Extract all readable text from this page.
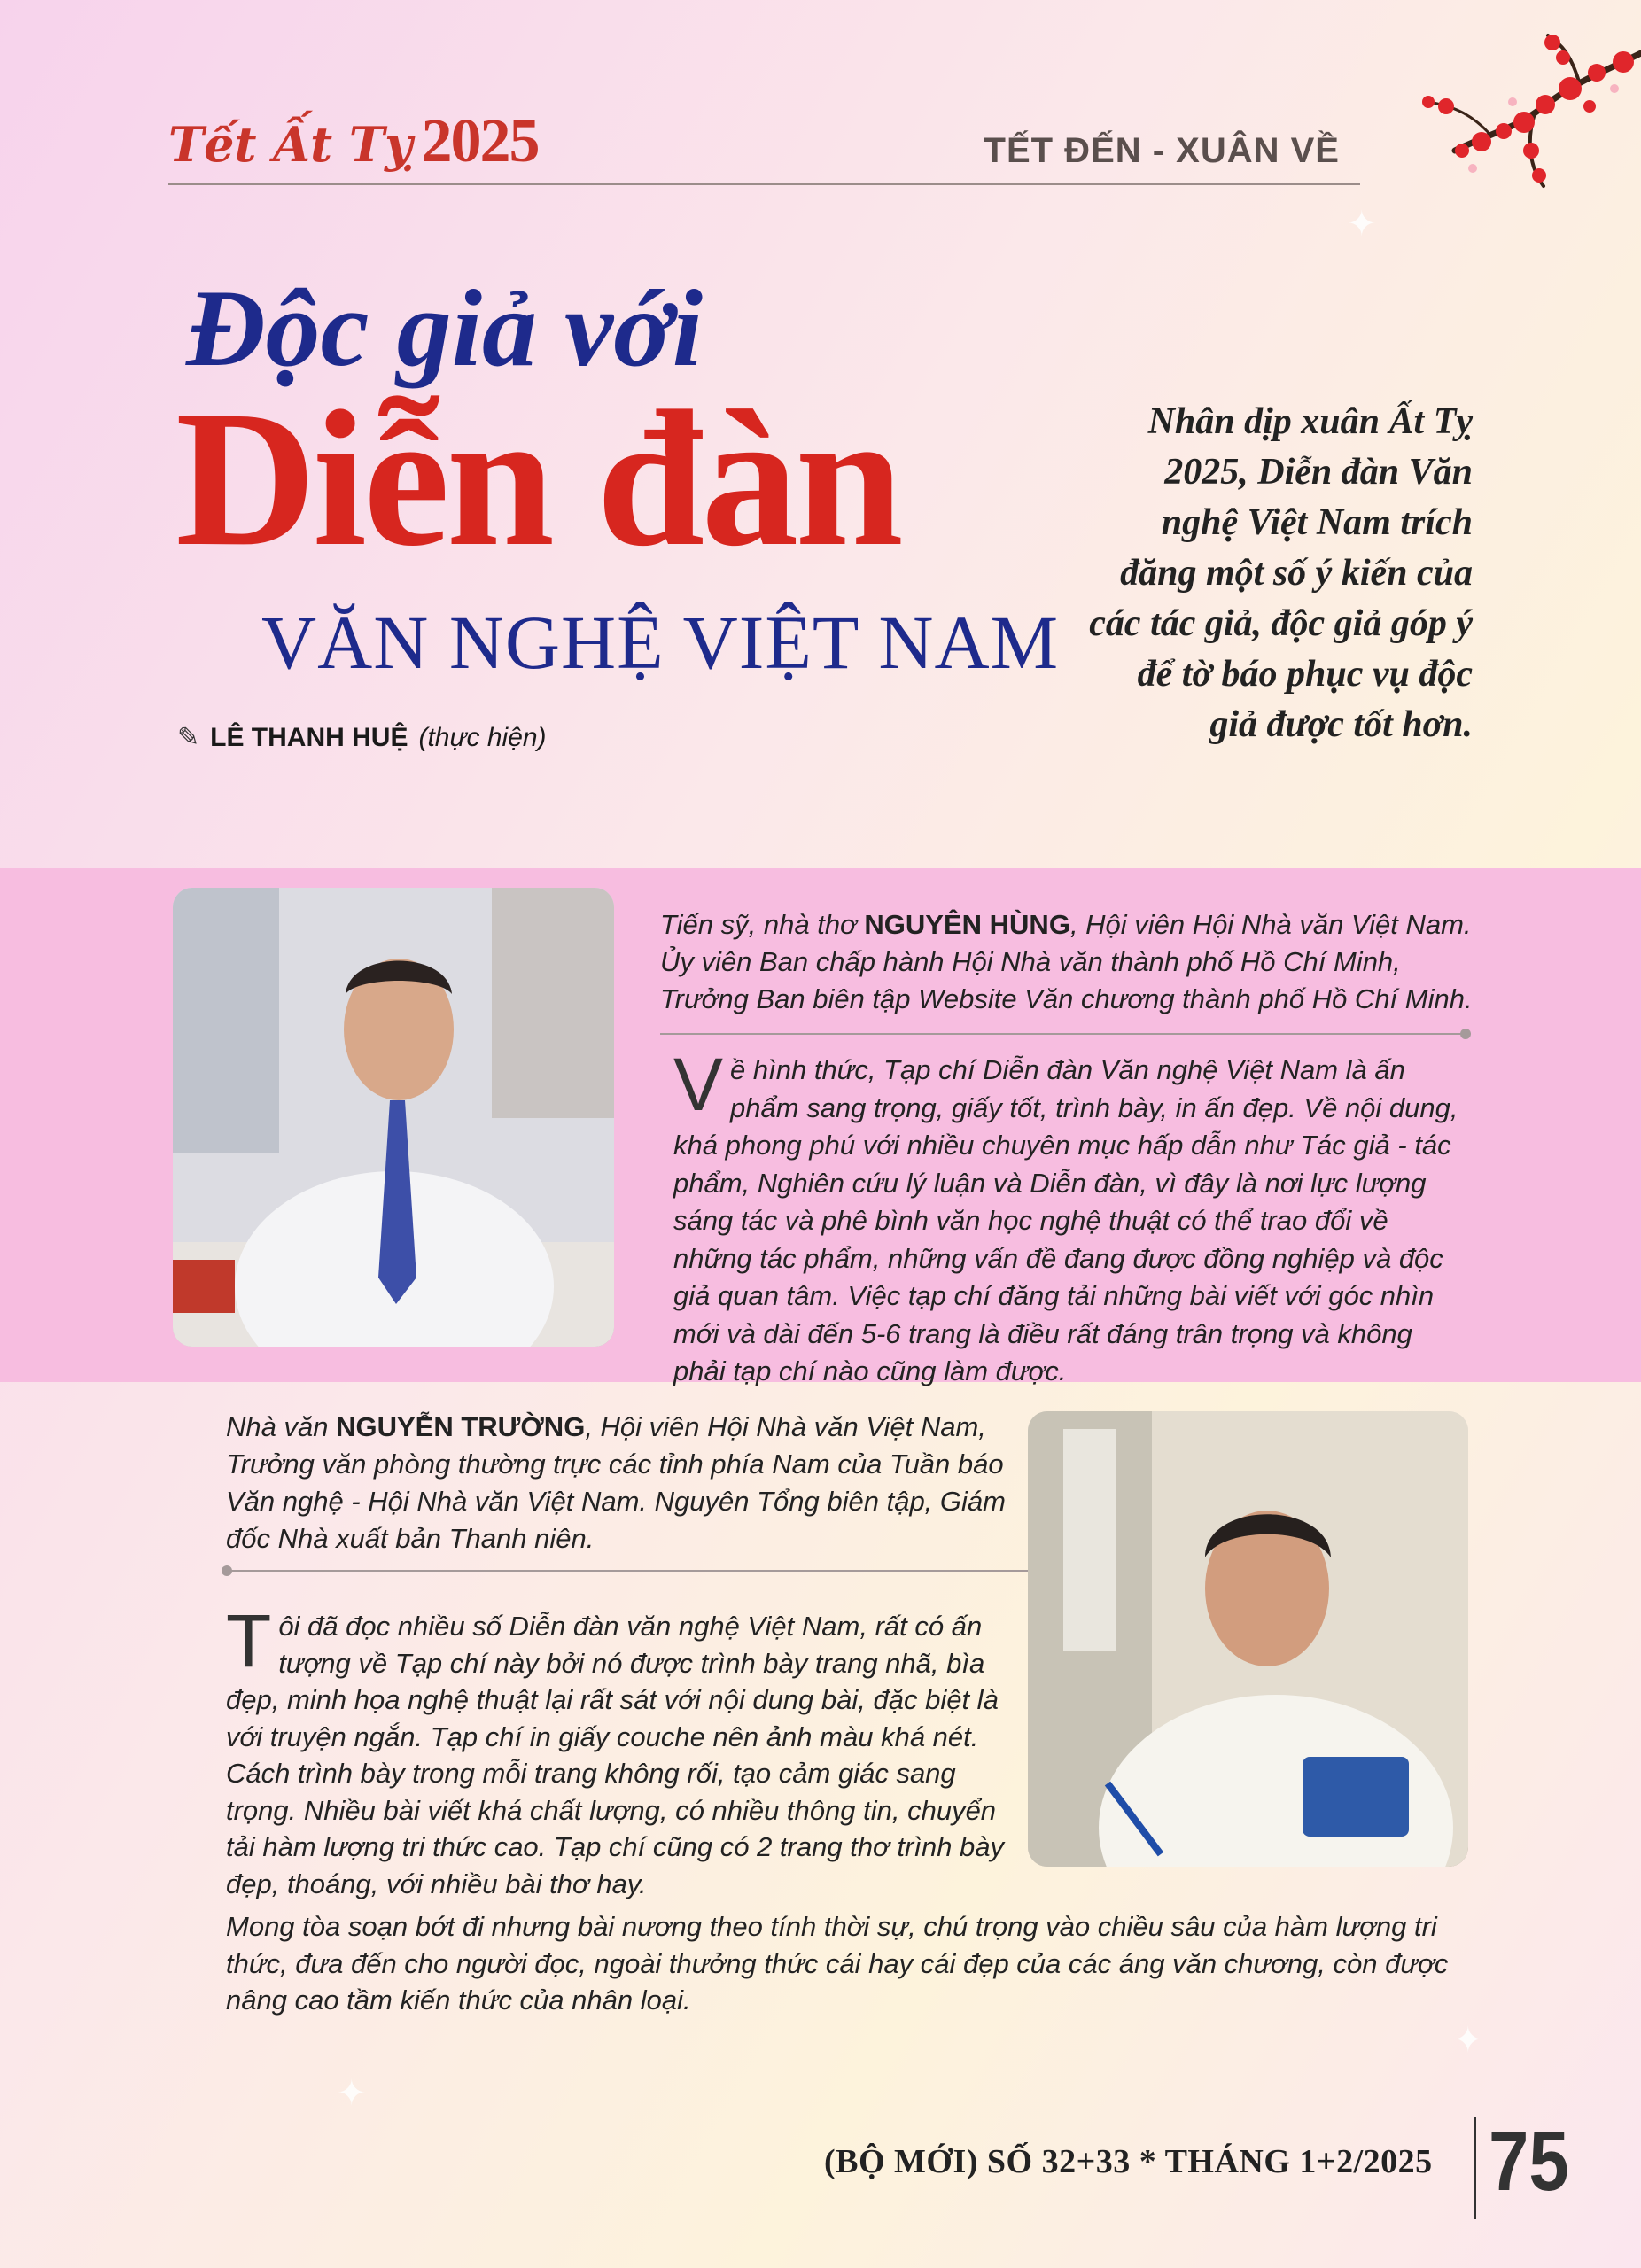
Tết Ất Tỵ 2025	TẾT ĐẾN - XUÂN VỀ
Độc giả với
Diễn đàn
VĂN NGHỆ VIỆT NAM
✎ LÊ THANH HUỆ (thực hiện)
Nhân dịp xuân Ất Tỵ 2025, Diễn đàn Văn nghệ Việt Nam trích đăng một số ý kiến của các tác giả, độc giả góp ý để tờ báo phục vụ độc giả được tốt hơn.
Tiến sỹ, nhà thơ NGUYÊN HÙNG, Hội viên Hội Nhà văn Việt Nam. Ủy viên Ban chấp hành Hội Nhà văn thành phố Hồ Chí Minh, Trưởng Ban biên tập Website Văn chương thành phố Hồ Chí Minh.
Về hình thức, Tạp chí Diễn đàn Văn nghệ Việt Nam là ấn phẩm sang trọng, giấy tốt, trình bày, in ấn đẹp. Về nội dung, khá phong phú với nhiều chuyên mục hấp dẫn như Tác giả - tác phẩm, Nghiên cứu lý luận và Diễn đàn, vì đây là nơi lực lượng sáng tác và phê bình văn học nghệ thuật có thể trao đổi về những tác phẩm, những vấn đề đang được đồng nghiệp và độc giả quan tâm. Việc tạp chí đăng tải những bài viết với góc nhìn mới và dài đến 5-6 trang là điều rất đáng trân trọng và không phải tạp chí nào cũng làm được.
Nhà văn NGUYỄN TRƯỜNG, Hội viên Hội Nhà văn Việt Nam, Trưởng văn phòng thường trực các tỉnh phía Nam của Tuần báo Văn nghệ - Hội Nhà văn Việt Nam. Nguyên Tổng biên tập, Giám đốc Nhà xuất bản Thanh niên.
Tôi đã đọc nhiều số Diễn đàn văn nghệ Việt Nam, rất có ấn tượng về Tạp chí này bởi nó được trình bày trang nhã, bìa đẹp, minh họa nghệ thuật lại rất sát với nội dung bài, đặc biệt là với truyện ngắn. Tạp chí in giấy couche nên ảnh màu khá nét. Cách trình bày trong mỗi trang không rối, tạo cảm giác sang trọng. Nhiều bài viết khá chất lượng, có nhiều thông tin, chuyển tải hàm lượng tri thức cao. Tạp chí cũng có 2 trang thơ trình bày đẹp, thoáng, với nhiều bài thơ hay.
Mong tòa soạn bớt đi nhưng bài nương theo tính thời sự, chú trọng vào chiều sâu của hàm lượng tri thức, đưa đến cho người đọc, ngoài thưởng thức cái hay cái đẹp của các áng văn chương, còn được nâng cao tầm kiến thức của nhân loại.
✦
✦
✦
(BỘ MỚI) SỐ 32+33 * THÁNG 1+2/2025 75
